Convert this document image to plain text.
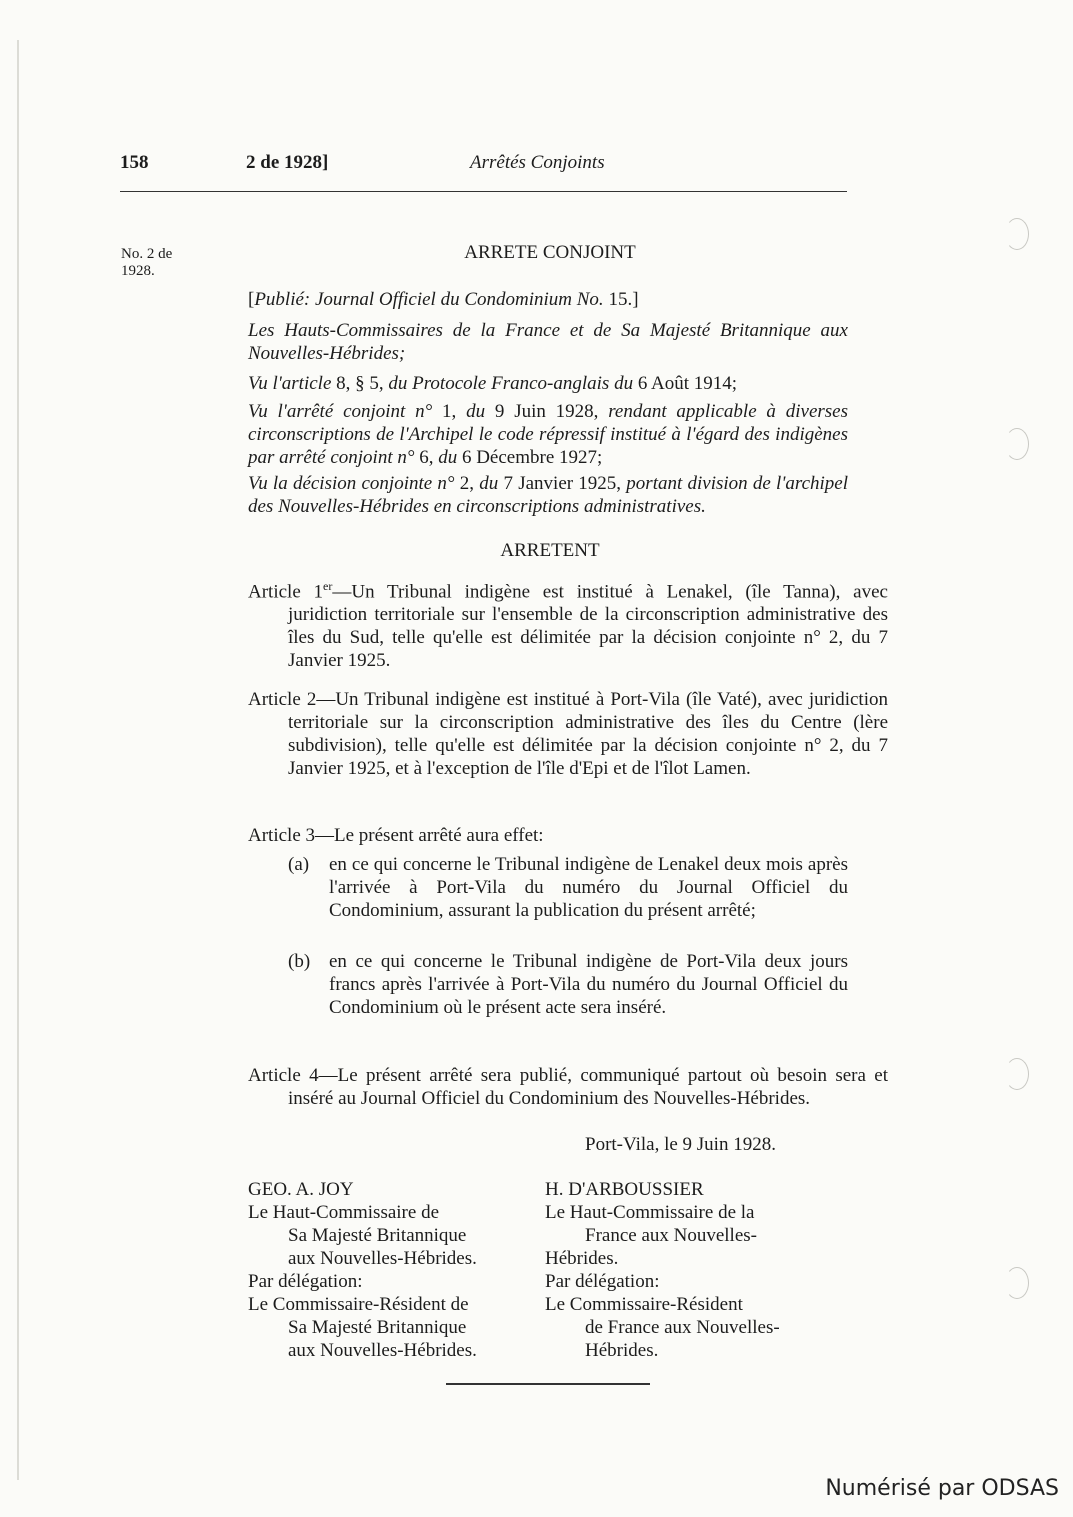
158	2 de 1928]	Arrêtés Conjoints
No. 2 de
1928.
ARRETE CONJOINT
[Publié: Journal Officiel du Condominium No. 15.]
Les Hauts-Commissaires de la France et de Sa Majesté Britannique aux Nouvelles-Hébrides;
Vu l'article 8, § 5, du Protocole Franco-anglais du 6 Août 1914;
Vu l'arrêté conjoint n° 1, du 9 Juin 1928, rendant applicable à diverses circonscriptions de l'Archipel le code répressif institué à l'égard des indigènes par arrêté conjoint n° 6, du 6 Décembre 1927;
Vu la décision conjointe n° 2, du 7 Janvier 1925, portant division de l'archipel des Nouvelles-Hébrides en circonscriptions administratives.
ARRETENT
Article 1er—Un Tribunal indigène est institué à Lenakel, (île Tanna), avec juridiction territoriale sur l'ensemble de la circonscription administrative des îles du Sud, telle qu'elle est délimitée par la décision conjointe n° 2, du 7 Janvier 1925.
Article 2—Un Tribunal indigène est institué à Port-Vila (île Vaté), avec juridiction territoriale sur la circonscription administrative des îles du Centre (lère subdivision), telle qu'elle est délimitée par la décision conjointe n° 2, du 7 Janvier 1925, et à l'exception de l'île d'Epi et de l'îlot Lamen.
Article 3—Le présent arrêté aura effet:
(a)	en ce qui concerne le Tribunal indigène de Lenakel deux mois après l'arrivée à Port-Vila du numéro du Journal Officiel du Condominium, assurant la publication du présent arrêté;
(b) en ce qui concerne le Tribunal indigène de Port-Vila deux jours francs après l'arrivée à Port-Vila du numéro du Journal Officiel du Condominium où le présent acte sera inséré.
Article 4—Le présent arrêté sera publié, communiqué partout où besoin sera et inséré au Journal Officiel du Condominium des Nouvelles-Hébrides.
Port-Vila, le 9 Juin 1928.
GEO. A. JOY
Le Haut-Commissaire de
Sa Majesté Britannique
aux Nouvelles-Hébrides.
Par délégation:
Le Commissaire-Résident de
Sa Majesté Britannique
aux Nouvelles-Hébrides.
H. D'ARBOUSSIER
Le Haut-Commissaire de la
France aux Nouvelles-
Hébrides.
Par délégation:
Le Commissaire-Résident
de France aux Nouvelles-
Hébrides.
Numérisé par ODSAS
